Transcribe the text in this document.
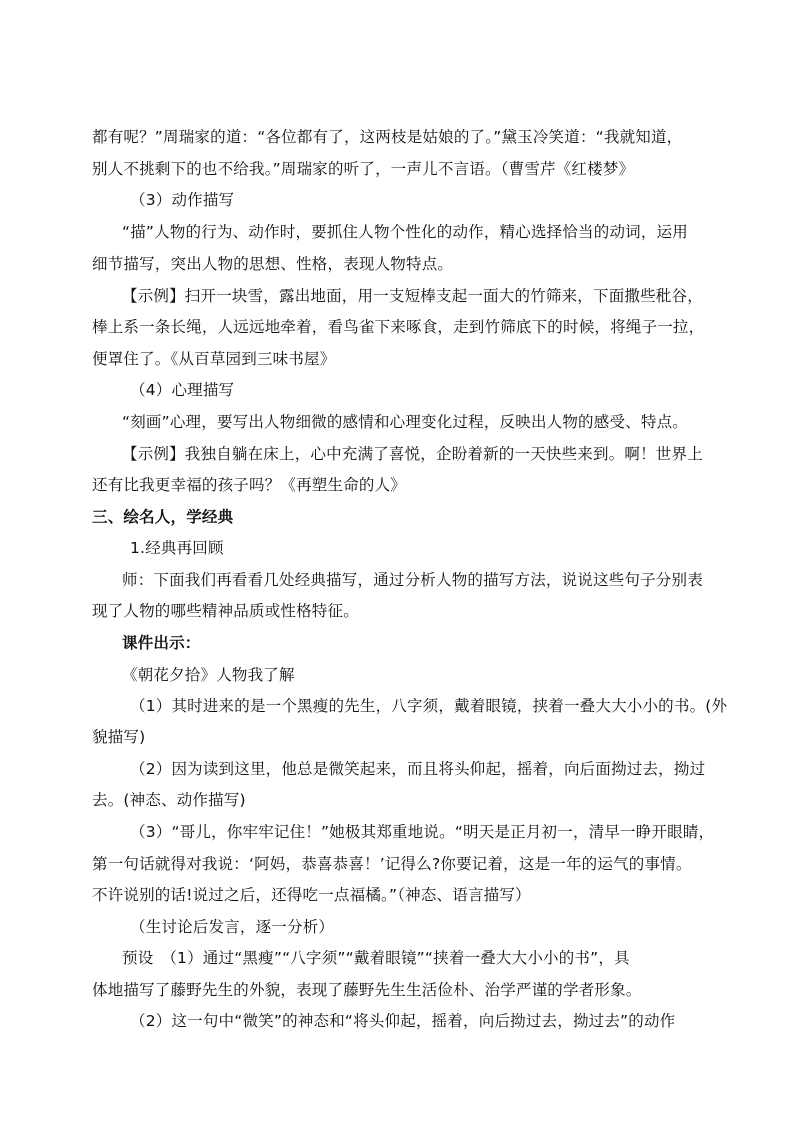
都有呢？”周瑞家的道：“各位都有了，这两枝是姑娘的了。”黛玉冷笑道：“我就知道，
别人不挑剩下的也不给我。”周瑞家的听了，一声儿不言语。（曹雪芹《红楼梦》
（3）动作描写
“描”人物的行为、动作时，要抓住人物个性化的动作，精心选择恰当的动词，运用
细节描写，突出人物的思想、性格，表现人物特点。
【示例】扫开一块雪，露出地面，用一支短棒支起一面大的竹筛来，下面撒些秕谷，
棒上系一条长绳，人远远地牵着，看鸟雀下来啄食，走到竹筛底下的时候，将绳子一拉，
便罩住了。《从百草园到三味书屋》
（4）心理描写
“刻画”心理，要写出人物细微的感情和心理变化过程，反映出人物的感受、特点。
【示例】我独自躺在床上，心中充满了喜悦，企盼着新的一天快些来到。啊！世界上
还有比我更幸福的孩子吗？《再塑生命的人》
三、绘名人，学经典
1.经典再回顾
师：下面我们再看看几处经典描写，通过分析人物的描写方法，说说这些句子分别表
现了人物的哪些精神品质或性格特征。
课件出示：
《朝花夕拾》人物我了解
（1）其时进来的是一个黑瘦的先生，八字须，戴着眼镜，挟着一叠大大小小的书。(外
貌描写)
（2）因为读到这里，他总是微笑起来，而且将头仰起，摇着，向后面拗过去，拗过
去。(神态、动作描写)
（3）“哥儿，你牢牢记住！”她极其郑重地说。“明天是正月初一，清早一睁开眼睛，
第一句话就得对我说：‘阿妈，恭喜恭喜！’记得么?你要记着，这是一年的运气的事情。
不许说别的话!说过之后，还得吃一点福橘。”（神态、语言描写）
（生讨论后发言，逐一分析）
预设　（1）通过“黑瘦”“八字须”“戴着眼镜”“挟着一叠大大小小的书”，具
体地描写了藤野先生的外貌，表现了藤野先生生活俭朴、治学严谨的学者形象。
（2）这一句中“微笑”的神态和“将头仰起，摇着，向后拗过去，拗过去”的动作
